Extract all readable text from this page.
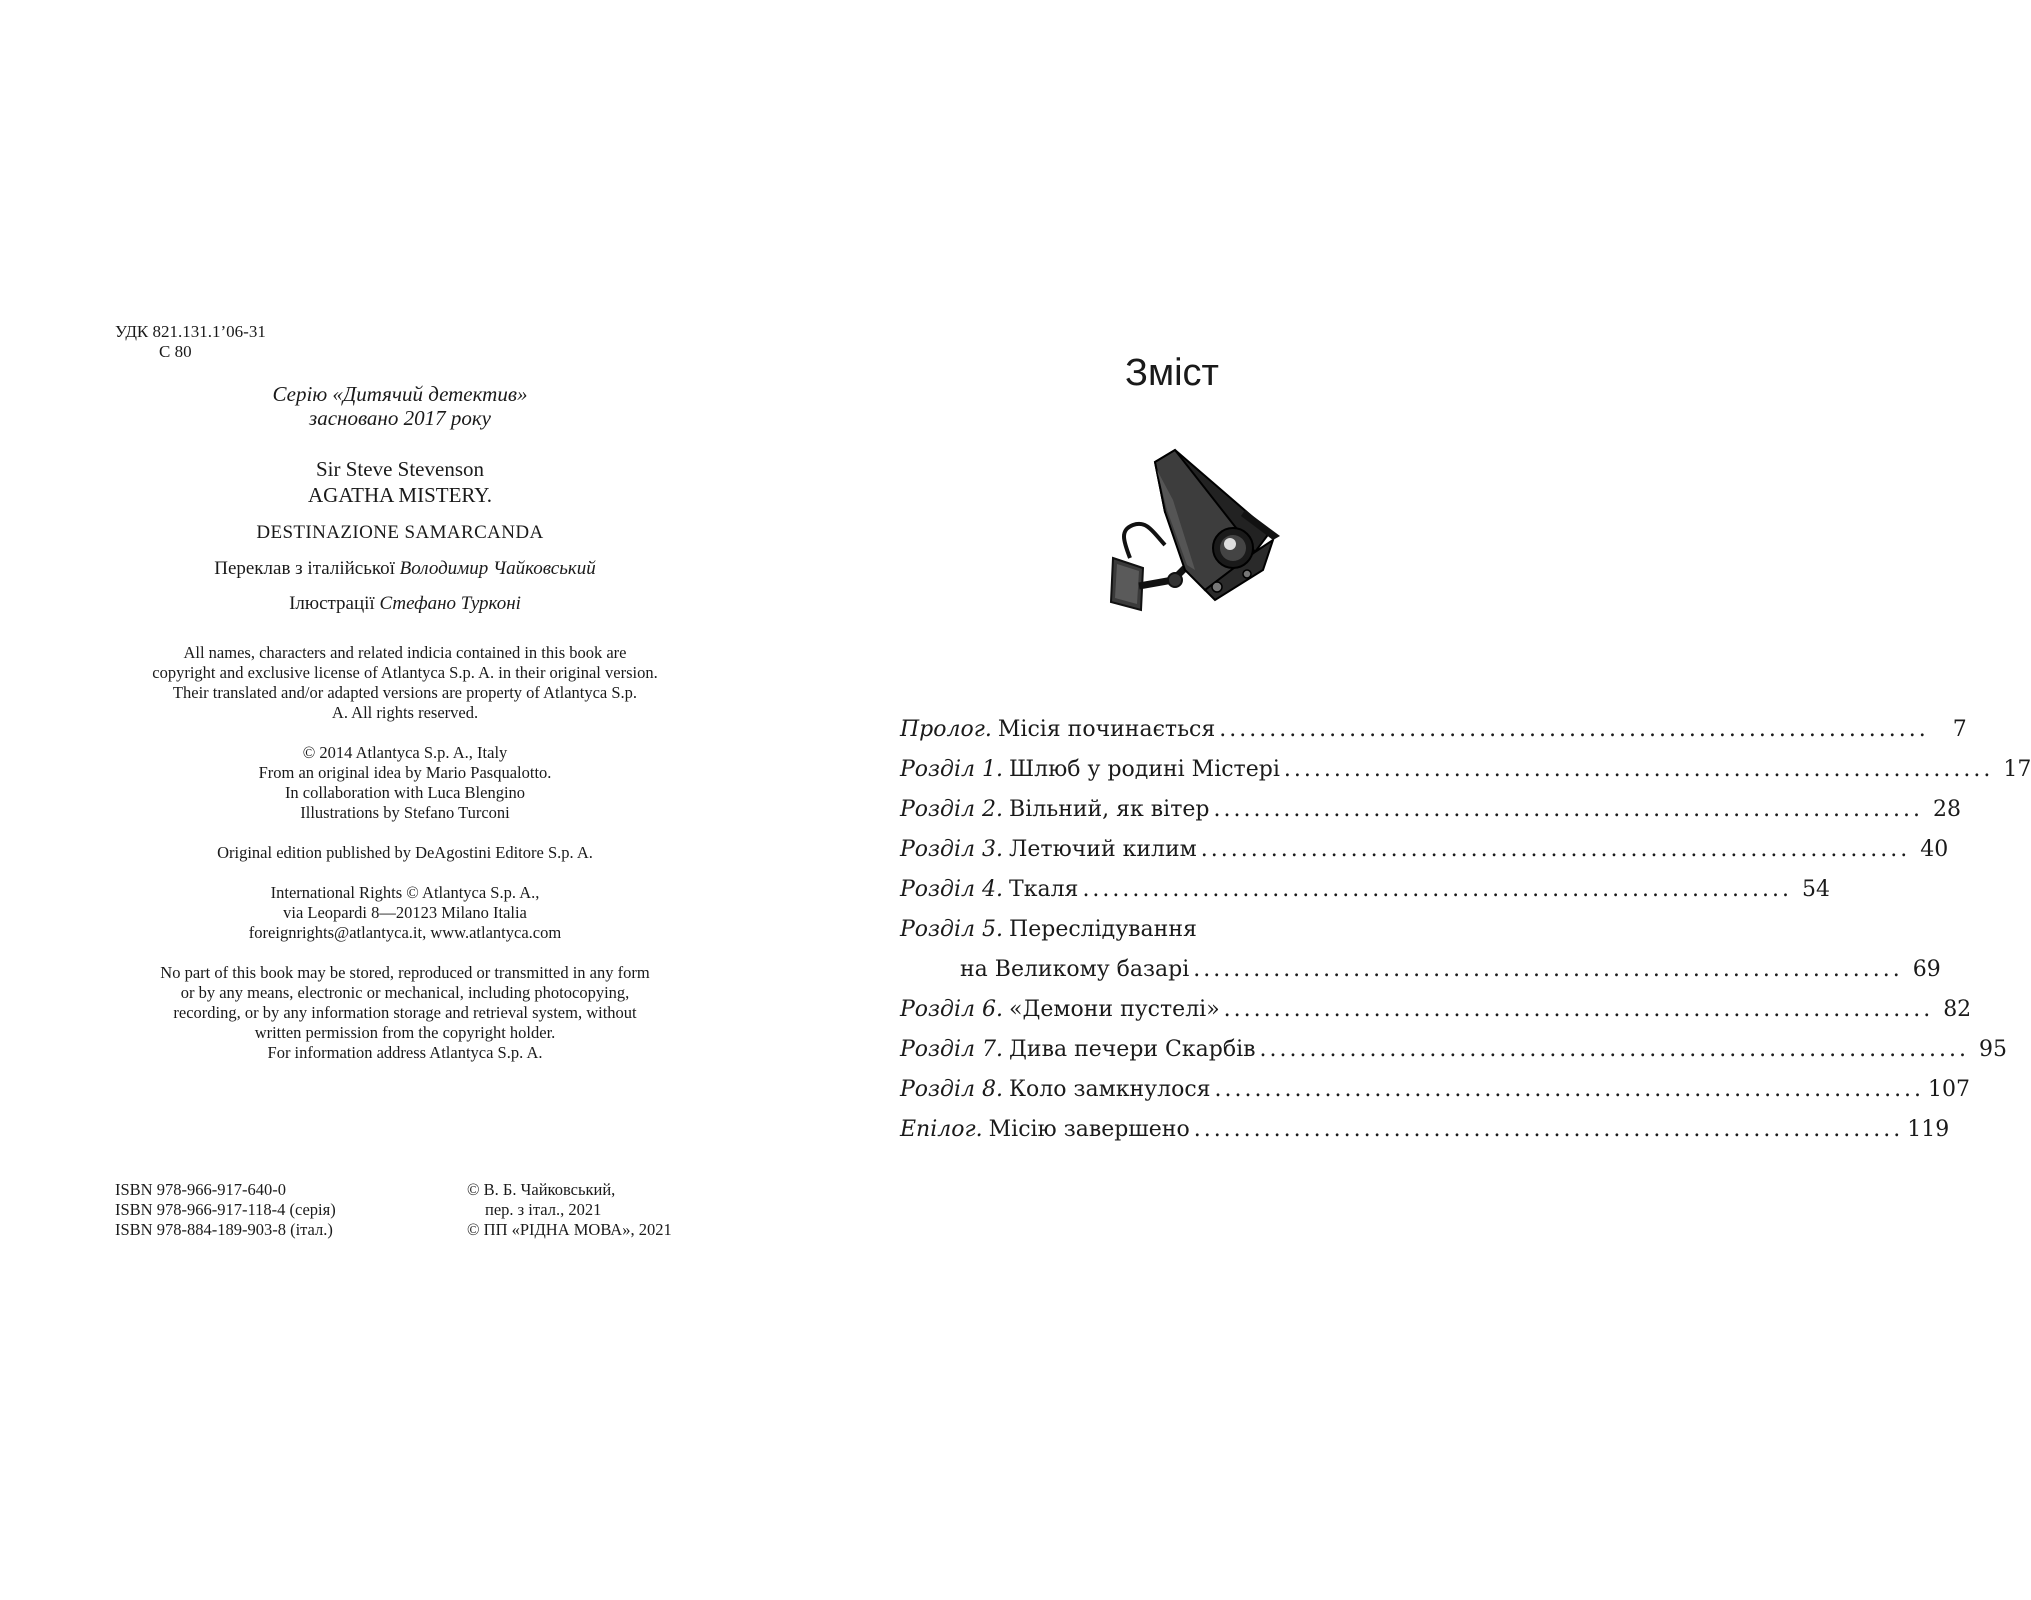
УДК 821.131.1’06-31
С 80
Серію «Дитячий детектив»
засновано 2017 року
Sir Steve Stevenson
AGATHA MISTERY.
DESTINAZIONE SAMARCANDA
Переклав з італійської Володимир Чайковський
Ілюстрації Стефано Турконі
All names, characters and related indicia contained in this book are
copyright and exclusive license of Atlantyca S.p. A. in their original version.
Their translated and/or adapted versions are property of Atlantyca S.p.
A. All rights reserved.
© 2014 Atlantyca S.p. A., Italy
From an original idea by Mario Pasqualotto.
In collaboration with Luca Blengino
Illustrations by Stefano Turconi
Original edition published by DeAgostini Editore S.p. A.
International Rights © Atlantyca S.p. A.,
via Leopardi 8—20123 Milano Italia
foreignrights@atlantyca.it, www.atlantyca.com
No part of this book may be stored, reproduced or transmitted in any form
or by any means, electronic or mechanical, including photocopying,
recording, or by any information storage and retrieval system, without
written permission from the copyright holder.
For information address Atlantyca S.p. A.
ISBN 978-966-917-640-0
ISBN 978-966-917-118-4 (серія)
ISBN 978-884-189-903-8 (італ.)
© В. Б. Чайковський,
пер. з італ., 2021
© ПП «РІДНА МОВА», 2021
Зміст
Пролог. Місія починається .......................................................................	7
Розділ 1. Шлюб у родині Містері ....................................................................... 17
Розділ 2. Вільний, як вітер ....................................................................... 28
Розділ 3. Летючий килим ....................................................................... 40
Розділ 4. Ткаля ....................................................................... 54
Розділ 5. Переслідування
на Великому базарі ....................................................................... 69
Розділ 6. «Демони пустелі» ....................................................................... 82
Розділ 7. Дива печери Скарбів ....................................................................... 95
Розділ 8. Коло замкнулося ....................................................................... 107
Епілог. Місію завершено ....................................................................... 119
